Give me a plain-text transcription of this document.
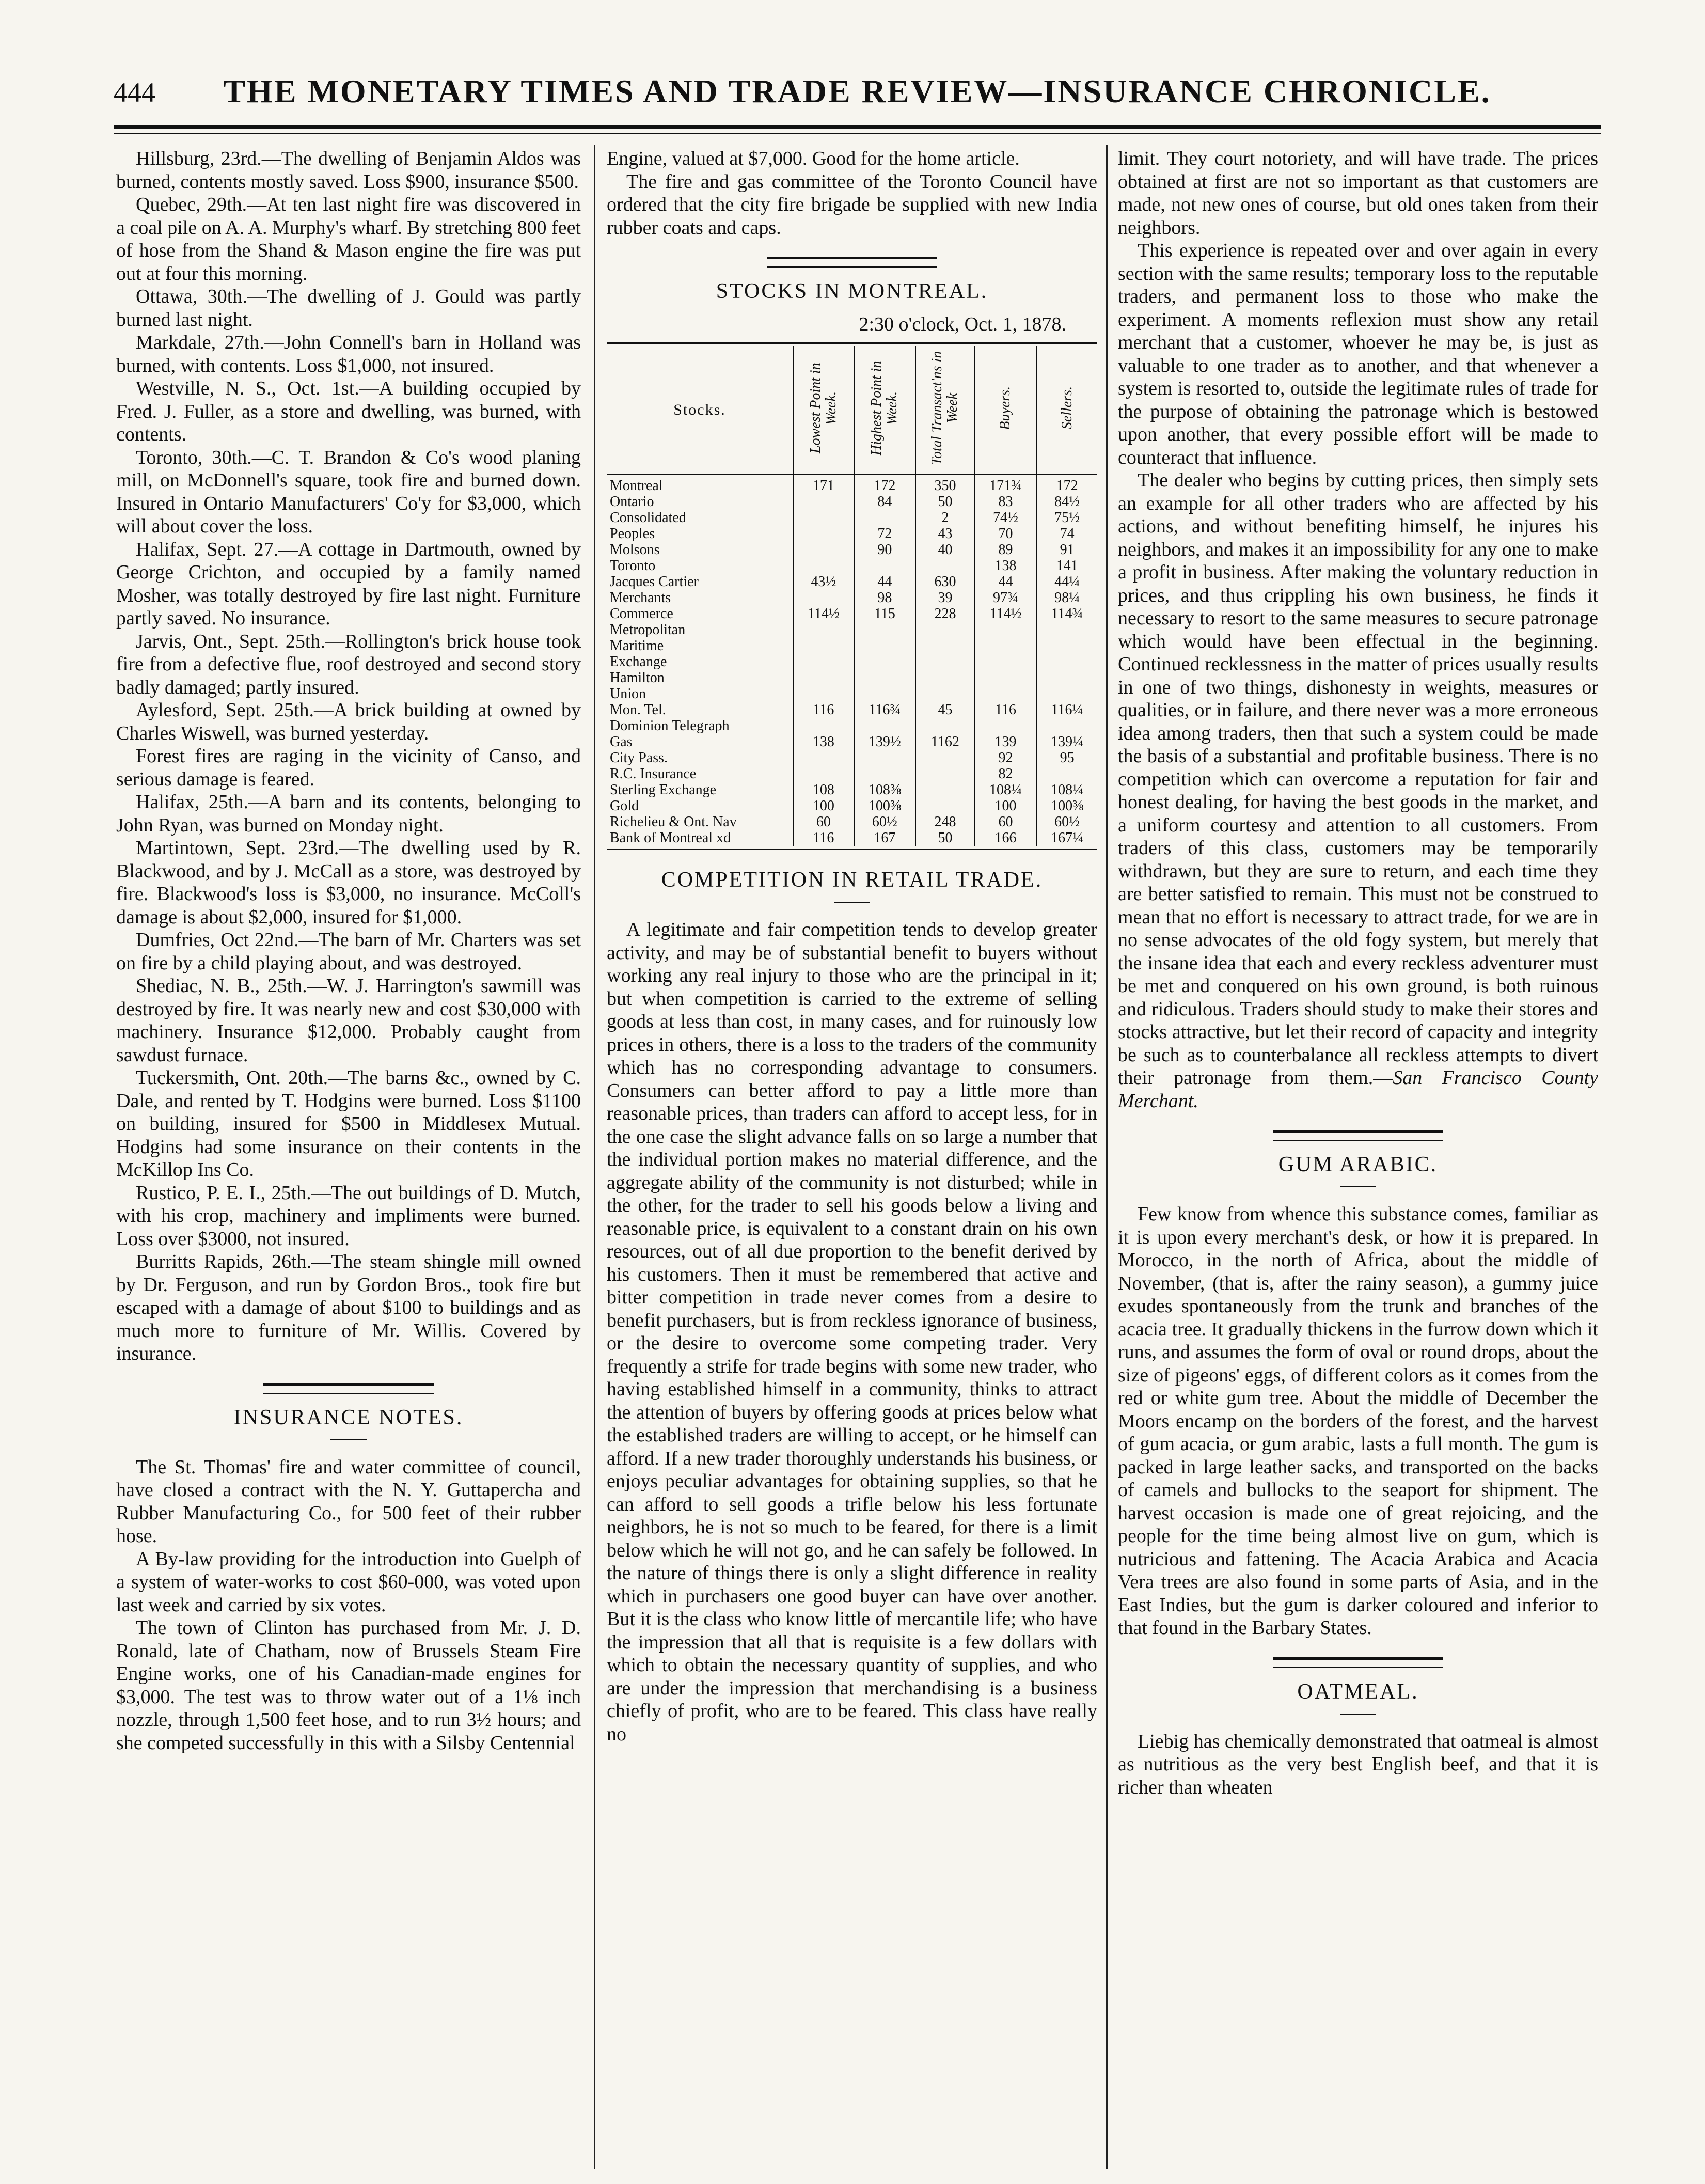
444	THE MONETARY TIMES AND TRADE REVIEW—INSURANCE CHRONICLE.

Hillsburg, 23rd.—The dwelling of Benjamin Aldos was burned, contents mostly saved. Loss $900, insurance $500.

Quebec, 29th.—At ten last night fire was discovered in a coal pile on A. A. Murphy's wharf. By stretching 800 feet of hose from the Shand & Mason engine the fire was put out at four this morning.

Ottawa, 30th.—The dwelling of J. Gould was partly burned last night.

Markdale, 27th.—John Connell's barn in Holland was burned, with contents. Loss $1,000, not insured.

Westville, N. S., Oct. 1st.—A building occupied by Fred. J. Fuller, as a store and dwelling, was burned, with contents.

Toronto, 30th.—C. T. Brandon & Co's wood planing mill, on McDonnell's square, took fire and burned down. Insured in Ontario Manufacturers' Co'y for $3,000, which will about cover the loss.

Halifax, Sept. 27.—A cottage in Dartmouth, owned by George Crichton, and occupied by a family named Mosher, was totally destroyed by fire last night. Furniture partly saved. No insurance.

Jarvis, Ont., Sept. 25th.—Rollington's brick house took fire from a defective flue, roof destroyed and second story badly damaged; partly insured.

Aylesford, Sept. 25th.—A brick building at owned by Charles Wiswell, was burned yesterday.

Forest fires are raging in the vicinity of Canso, and serious damage is feared.

Halifax, 25th.—A barn and its contents, belonging to John Ryan, was burned on Monday night.

Martintown, Sept. 23rd.—The dwelling used by R. Blackwood, and by J. McCall as a store, was destroyed by fire. Blackwood's loss is $3,000, no insurance. McColl's damage is about $2,000, insured for $1,000.

Dumfries, Oct 22nd.—The barn of Mr. Charters was set on fire by a child playing about, and was destroyed.

Shediac, N. B., 25th.—W. J. Harrington's sawmill was destroyed by fire. It was nearly new and cost $30,000 with machinery. Insurance $12,000. Probably caught from sawdust furnace.

Tuckersmith, Ont. 20th.—The barns &c., owned by C. Dale, and rented by T. Hodgins were burned. Loss $1100 on building, insured for $500 in Middlesex Mutual. Hodgins had some insurance on their contents in the McKillop Ins Co.

Rustico, P. E. I., 25th.—The out buildings of D. Mutch, with his crop, machinery and impliments were burned. Loss over $3000, not insured.

Burritts Rapids, 26th.—The steam shingle mill owned by Dr. Ferguson, and run by Gordon Bros., took fire but escaped with a damage of about $100 to buildings and as much more to furniture of Mr. Willis. Covered by insurance.

INSURANCE NOTES.

The St. Thomas' fire and water committee of council, have closed a contract with the N. Y. Guttapercha and Rubber Manufacturing Co., for 500 feet of their rubber hose.

A By-law providing for the introduction into Guelph of a system of water-works to cost $60-000, was voted upon last week and carried by six votes.

The town of Clinton has purchased from Mr. J. D. Ronald, late of Chatham, now of Brussels Steam Fire Engine works, one of his Canadian-made engines for $3,000. The test was to throw water out of a 1⅛ inch nozzle, through 1,500 feet hose, and to run 3½ hours; and she competed successfully in this with a Silsby Centennial

Engine, valued at $7,000. Good for the home article.

The fire and gas committee of the Toronto Council have ordered that the city fire brigade be supplied with new India rubber coats and caps.

STOCKS IN MONTREAL.
2:30 o'clock, Oct. 1, 1878.
Stocks.	Lowest Point in Week.	Highest Point in Week.	Total Transact'ns in Week	Buyers.	Sellers.
Montreal	171	172	350	171¾	172
Ontario		84	50	83	84½
Consolidated			2	74½	75½
Peoples		72	43	70	74
Molsons		90	40	89	91
Toronto				138	141
Jacques Cartier	43½	44	630	44	44¼
Merchants		98	39	97¾	98¼
Commerce	114½	115	228	114½	114¾
Metropolitan					
Maritime					
Exchange					
Hamilton					
Union					
Mon. Tel.	116	116¾	45	116	116¼
Dominion Telegraph					
Gas	138	139½	1162	139	139¼
City Pass.				92	95
R.C. Insurance				82	
Sterling Exchange	108	108⅜		108¼	108¼
Gold	100	100⅜		100	100⅜
Richelieu & Ont. Nav	60	60½	248	60	60½
Bank of Montreal xd	116	167	50	166	167¼
COMPETITION IN RETAIL TRADE.

A legitimate and fair competition tends to develop greater activity, and may be of substantial benefit to buyers without working any real injury to those who are the principal in it; but when competition is carried to the extreme of selling goods at less than cost, in many cases, and for ruinously low prices in others, there is a loss to the traders of the community which has no corresponding advantage to consumers. Consumers can better afford to pay a little more than reasonable prices, than traders can afford to accept less, for in the one case the slight advance falls on so large a number that the individual portion makes no material difference, and the aggregate ability of the community is not disturbed; while in the other, for the trader to sell his goods below a living and reasonable price, is equivalent to a constant drain on his own resources, out of all due proportion to the benefit derived by his customers. Then it must be remembered that active and bitter competition in trade never comes from a desire to benefit purchasers, but is from reckless ignorance of business, or the desire to overcome some competing trader. Very frequently a strife for trade begins with some new trader, who having established himself in a community, thinks to attract the attention of buyers by offering goods at prices below what the established traders are willing to accept, or he himself can afford. If a new trader thoroughly understands his business, or enjoys peculiar advantages for obtaining supplies, so that he can afford to sell goods a trifle below his less fortunate neighbors, he is not so much to be feared, for there is a limit below which he will not go, and he can safely be followed. In the nature of things there is only a slight difference in reality which in purchasers one good buyer can have over another. But it is the class who know little of mercantile life; who have the impression that all that is requisite is a few dollars with which to obtain the necessary quantity of supplies, and who are under the impression that merchandising is a business chiefly of profit, who are to be feared. This class have really no

limit. They court notoriety, and will have trade. The prices obtained at first are not so important as that customers are made, not new ones of course, but old ones taken from their neighbors.

This experience is repeated over and over again in every section with the same results; temporary loss to the reputable traders, and permanent loss to those who make the experiment. A moments reflexion must show any retail merchant that a customer, whoever he may be, is just as valuable to one trader as to another, and that whenever a system is resorted to, outside the legitimate rules of trade for the purpose of obtaining the patronage which is bestowed upon another, that every possible effort will be made to counteract that influence.

The dealer who begins by cutting prices, then simply sets an example for all other traders who are affected by his actions, and without benefiting himself, he injures his neighbors, and makes it an impossibility for any one to make a profit in business. After making the voluntary reduction in prices, and thus crippling his own business, he finds it necessary to resort to the same measures to secure patronage which would have been effectual in the beginning. Continued recklessness in the matter of prices usually results in one of two things, dishonesty in weights, measures or qualities, or in failure, and there never was a more erroneous idea among traders, then that such a system could be made the basis of a substantial and profitable business. There is no competition which can overcome a reputation for fair and honest dealing, for having the best goods in the market, and a uniform courtesy and attention to all customers. From traders of this class, customers may be temporarily withdrawn, but they are sure to return, and each time they are better satisfied to remain. This must not be construed to mean that no effort is necessary to attract trade, for we are in no sense advocates of the old fogy system, but merely that the insane idea that each and every reckless adventurer must be met and conquered on his own ground, is both ruinous and ridiculous. Traders should study to make their stores and stocks attractive, but let their record of capacity and integrity be such as to counterbalance all reckless attempts to divert their patronage from them.—San Francisco County Merchant.

GUM ARABIC.

Few know from whence this substance comes, familiar as it is upon every merchant's desk, or how it is prepared. In Morocco, in the north of Africa, about the middle of November, (that is, after the rainy season), a gummy juice exudes spontaneously from the trunk and branches of the acacia tree. It gradually thickens in the furrow down which it runs, and assumes the form of oval or round drops, about the size of pigeons' eggs, of different colors as it comes from the red or white gum tree. About the middle of December the Moors encamp on the borders of the forest, and the harvest of gum acacia, or gum arabic, lasts a full month. The gum is packed in large leather sacks, and transported on the backs of camels and bullocks to the seaport for shipment. The harvest occasion is made one of great rejoicing, and the people for the time being almost live on gum, which is nutricious and fattening. The Acacia Arabica and Acacia Vera trees are also found in some parts of Asia, and in the East Indies, but the gum is darker coloured and inferior to that found in the Barbary States.

OATMEAL.

Liebig has chemically demonstrated that oatmeal is almost as nutritious as the very best English beef, and that it is richer than wheaten
